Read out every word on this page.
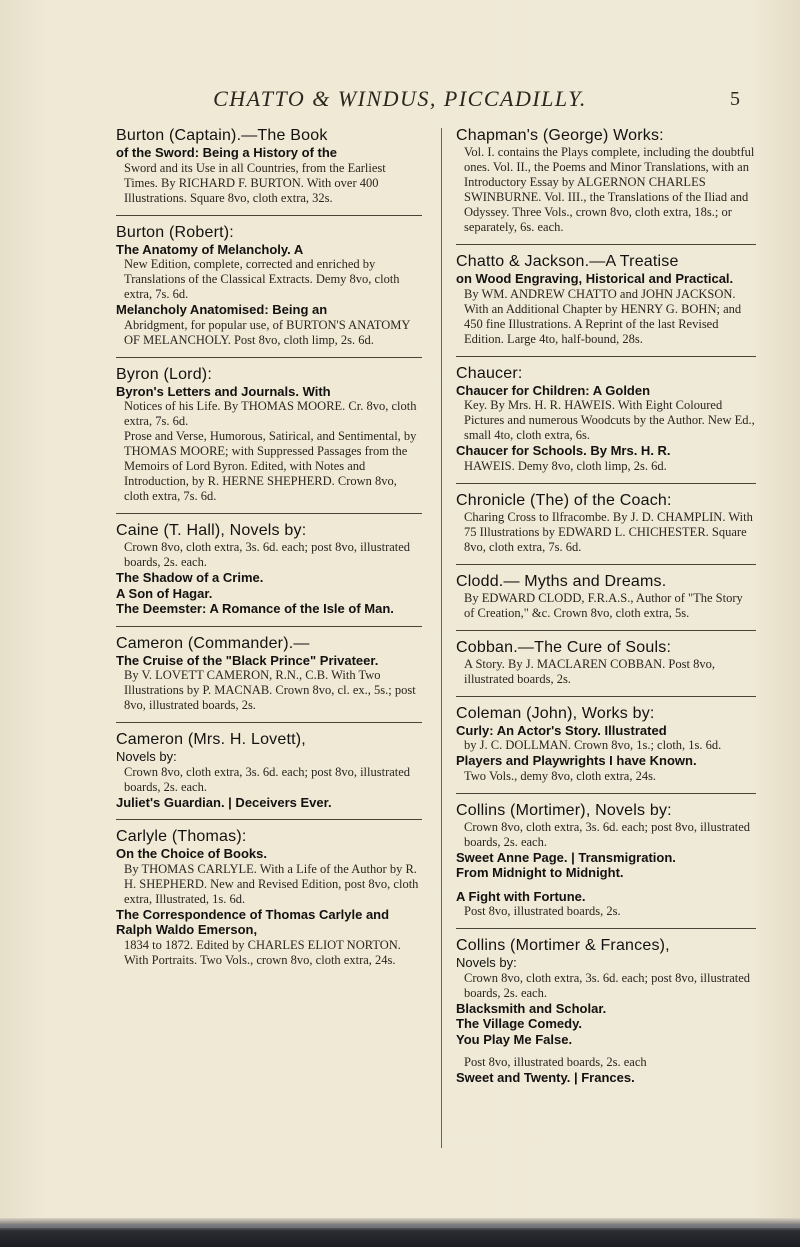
CHATTO & WINDUS, PICCADILLY.	5
Burton (Captain).—The Book
of the Sword: Being a History of the
Sword and its Use in all Countries, from the Earliest Times. By RICHARD F. BURTON. With over 400 Illustrations. Square 8vo, cloth extra, 32s.
Burton (Robert):
The Anatomy of Melancholy. A
New Edition, complete, corrected and enriched by Translations of the Classical Extracts. Demy 8vo, cloth extra, 7s. 6d.
Melancholy Anatomised: Being an
Abridgment, for popular use, of BURTON'S ANATOMY OF MELANCHOLY. Post 8vo, cloth limp, 2s. 6d.
Byron (Lord):
Byron's Letters and Journals. With
Notices of his Life. By THOMAS MOORE. Cr. 8vo, cloth extra, 7s. 6d.
Prose and Verse, Humorous, Satirical, and Sentimental, by THOMAS MOORE; with Suppressed Passages from the Memoirs of Lord Byron. Edited, with Notes and Introduction, by R. HERNE SHEPHERD. Crown 8vo, cloth extra, 7s. 6d.
Caine (T. Hall), Novels by:
Crown 8vo, cloth extra, 3s. 6d. each; post 8vo, illustrated boards, 2s. each.
The Shadow of a Crime.
A Son of Hagar.
The Deemster: A Romance of the Isle of Man.
Cameron (Commander).—
The Cruise of the "Black Prince" Privateer.
By V. LOVETT CAMERON, R.N., C.B. With Two Illustrations by P. MACNAB. Crown 8vo, cl. ex., 5s.; post 8vo, illustrated boards, 2s.
Cameron (Mrs. H. Lovett),
Novels by:
Crown 8vo, cloth extra, 3s. 6d. each; post 8vo, illustrated boards, 2s. each.
Juliet's Guardian. | Deceivers Ever.
Carlyle (Thomas):
On the Choice of Books.
By THOMAS CARLYLE. With a Life of the Author by R. H. SHEPHERD. New and Revised Edition, post 8vo, cloth extra, Illustrated, 1s. 6d.
The Correspondence of Thomas Carlyle and Ralph Waldo Emerson,
1834 to 1872. Edited by CHARLES ELIOT NORTON. With Portraits. Two Vols., crown 8vo, cloth extra, 24s.
Chapman's (George) Works:
Vol. I. contains the Plays complete, including the doubtful ones. Vol. II., the Poems and Minor Translations, with an Introductory Essay by ALGERNON CHARLES SWINBURNE. Vol. III., the Translations of the Iliad and Odyssey. Three Vols., crown 8vo, cloth extra, 18s.; or separately, 6s. each.
Chatto & Jackson.—A Treatise
on Wood Engraving, Historical and Practical.
By WM. ANDREW CHATTO and JOHN JACKSON. With an Additional Chapter by HENRY G. BOHN; and 450 fine Illustrations. A Reprint of the last Revised Edition. Large 4to, half-bound, 28s.
Chaucer:
Chaucer for Children: A Golden
Key. By Mrs. H. R. HAWEIS. With Eight Coloured Pictures and numerous Woodcuts by the Author. New Ed., small 4to, cloth extra, 6s.
Chaucer for Schools. By Mrs. H. R.
HAWEIS. Demy 8vo, cloth limp, 2s. 6d.
Chronicle (The) of the Coach:
Charing Cross to Ilfracombe. By J. D. CHAMPLIN. With 75 Illustrations by EDWARD L. CHICHESTER. Square 8vo, cloth extra, 7s. 6d.
Clodd.— Myths and Dreams.
By EDWARD CLODD, F.R.A.S., Author of "The Story of Creation," &c. Crown 8vo, cloth extra, 5s.
Cobban.—The Cure of Souls:
A Story. By J. MACLAREN COBBAN. Post 8vo, illustrated boards, 2s.
Coleman (John), Works by:
Curly: An Actor's Story. Illustrated
by J. C. DOLLMAN. Crown 8vo, 1s.; cloth, 1s. 6d.
Players and Playwrights I have Known.
Two Vols., demy 8vo, cloth extra, 24s.
Collins (Mortimer), Novels by:
Crown 8vo, cloth extra, 3s. 6d. each; post 8vo, illustrated boards, 2s. each.
Sweet Anne Page. | Transmigration.
From Midnight to Midnight.
A Fight with Fortune.
Post 8vo, illustrated boards, 2s.
Collins (Mortimer & Frances),
Novels by:
Crown 8vo, cloth extra, 3s. 6d. each; post 8vo, illustrated boards, 2s. each.
Blacksmith and Scholar.
The Village Comedy.
You Play Me False.
Post 8vo, illustrated boards, 2s. each
Sweet and Twenty. | Frances.
